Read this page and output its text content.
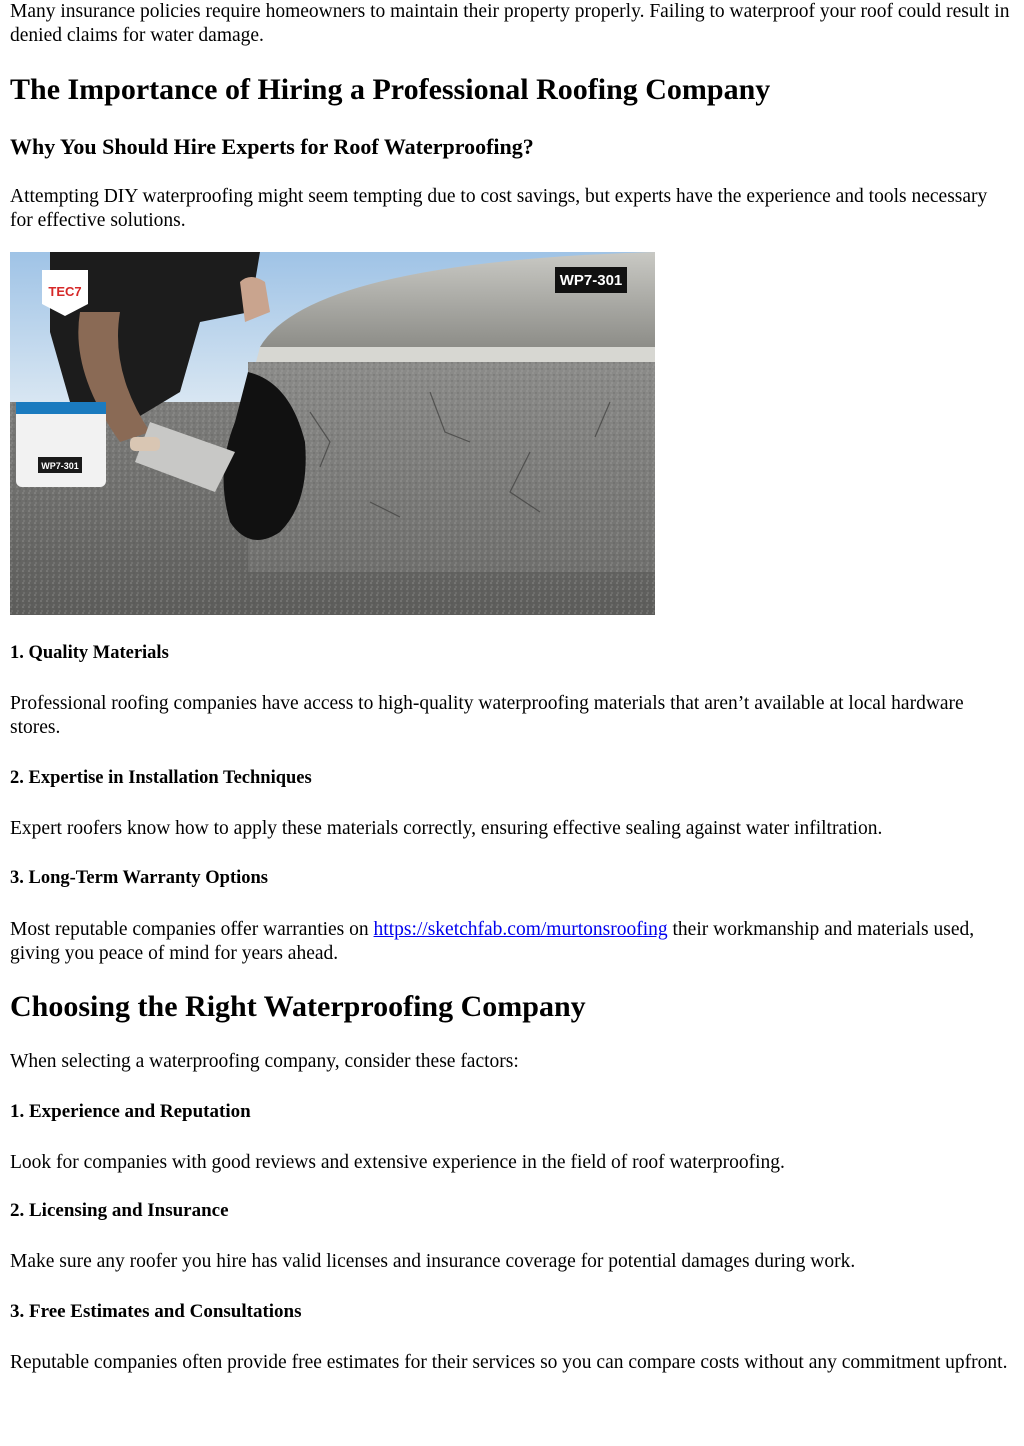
Many insurance policies require homeowners to maintain their property properly. Failing to waterproof your roof could result in denied claims for water damage.

The Importance of Hiring a Professional Roofing Company
Why You Should Hire Experts for Roof Waterproofing?

Attempting DIY waterproofing might seem tempting due to cost savings, but experts have the experience and tools necessary for effective solutions.

WP7-301
TEC7
WP7-301
1. Quality Materials

Professional roofing companies have access to high-quality waterproofing materials that aren’t available at local hardware stores.

2. Expertise in Installation Techniques

Expert roofers know how to apply these materials correctly, ensuring effective sealing against water infiltration.

3. Long-Term Warranty Options

Most reputable companies offer warranties on https://sketchfab.com/murtonsroofing their workmanship and materials used, giving you peace of mind for years ahead.

Choosing the Right Waterproofing Company

When selecting a waterproofing company, consider these factors:

1. Experience and Reputation

Look for companies with good reviews and extensive experience in the field of roof waterproofing.

2. Licensing and Insurance

Make sure any roofer you hire has valid licenses and insurance coverage for potential damages during work.

3. Free Estimates and Consultations

Reputable companies often provide free estimates for their services so you can compare costs without any commitment upfront.
